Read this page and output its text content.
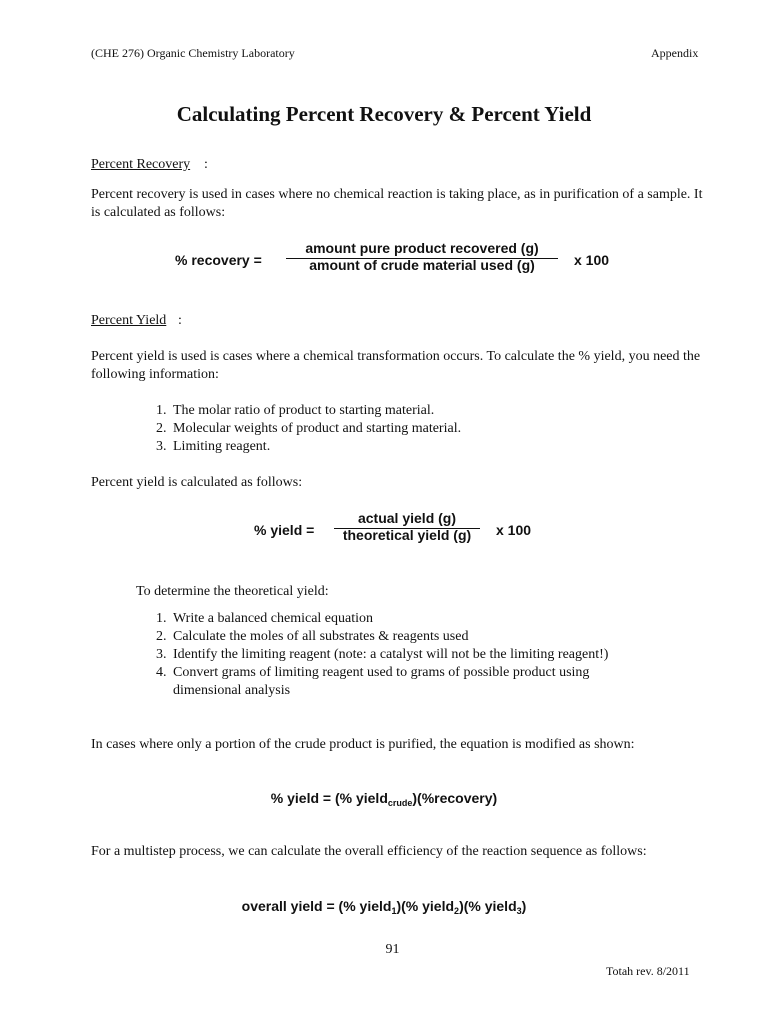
(CHE 276) Organic Chemistry Laboratory	Appendix
Calculating Percent Recovery & Percent Yield
Percent Recovery :
Percent recovery is used in cases where no chemical reaction is taking place, as in purification of a sample. It is calculated as follows:
% recovery =
amount pure product recovered (g)
amount of crude material used (g)	x 100
Percent Yield :
Percent yield is used is cases where a chemical transformation occurs. To calculate the % yield, you need the following information:
1. The molar ratio of product to starting material.
2. Molecular weights of product and starting material.
3. Limiting reagent.
Percent yield is calculated as follows:
% yield =
actual yield (g)
theoretical yield (g)	x 100
To determine the theoretical yield:
1. Write a balanced chemical equation
2. Calculate the moles of all substrates & reagents used
3. Identify the limiting reagent (note: a catalyst will not be the limiting reagent!)
4. Convert grams of limiting reagent used to grams of possible product using dimensional analysis
In cases where only a portion of the crude product is purified, the equation is modified as shown:
% yield = (% yield$_{crude}$)(%recovery)
For a multistep process, we can calculate the overall efficiency of the reaction sequence as follows:
overall yield = (% yield$_1$)(% yield$_2$)(% yield$_3$)
91
Totah rev. 8/2011
